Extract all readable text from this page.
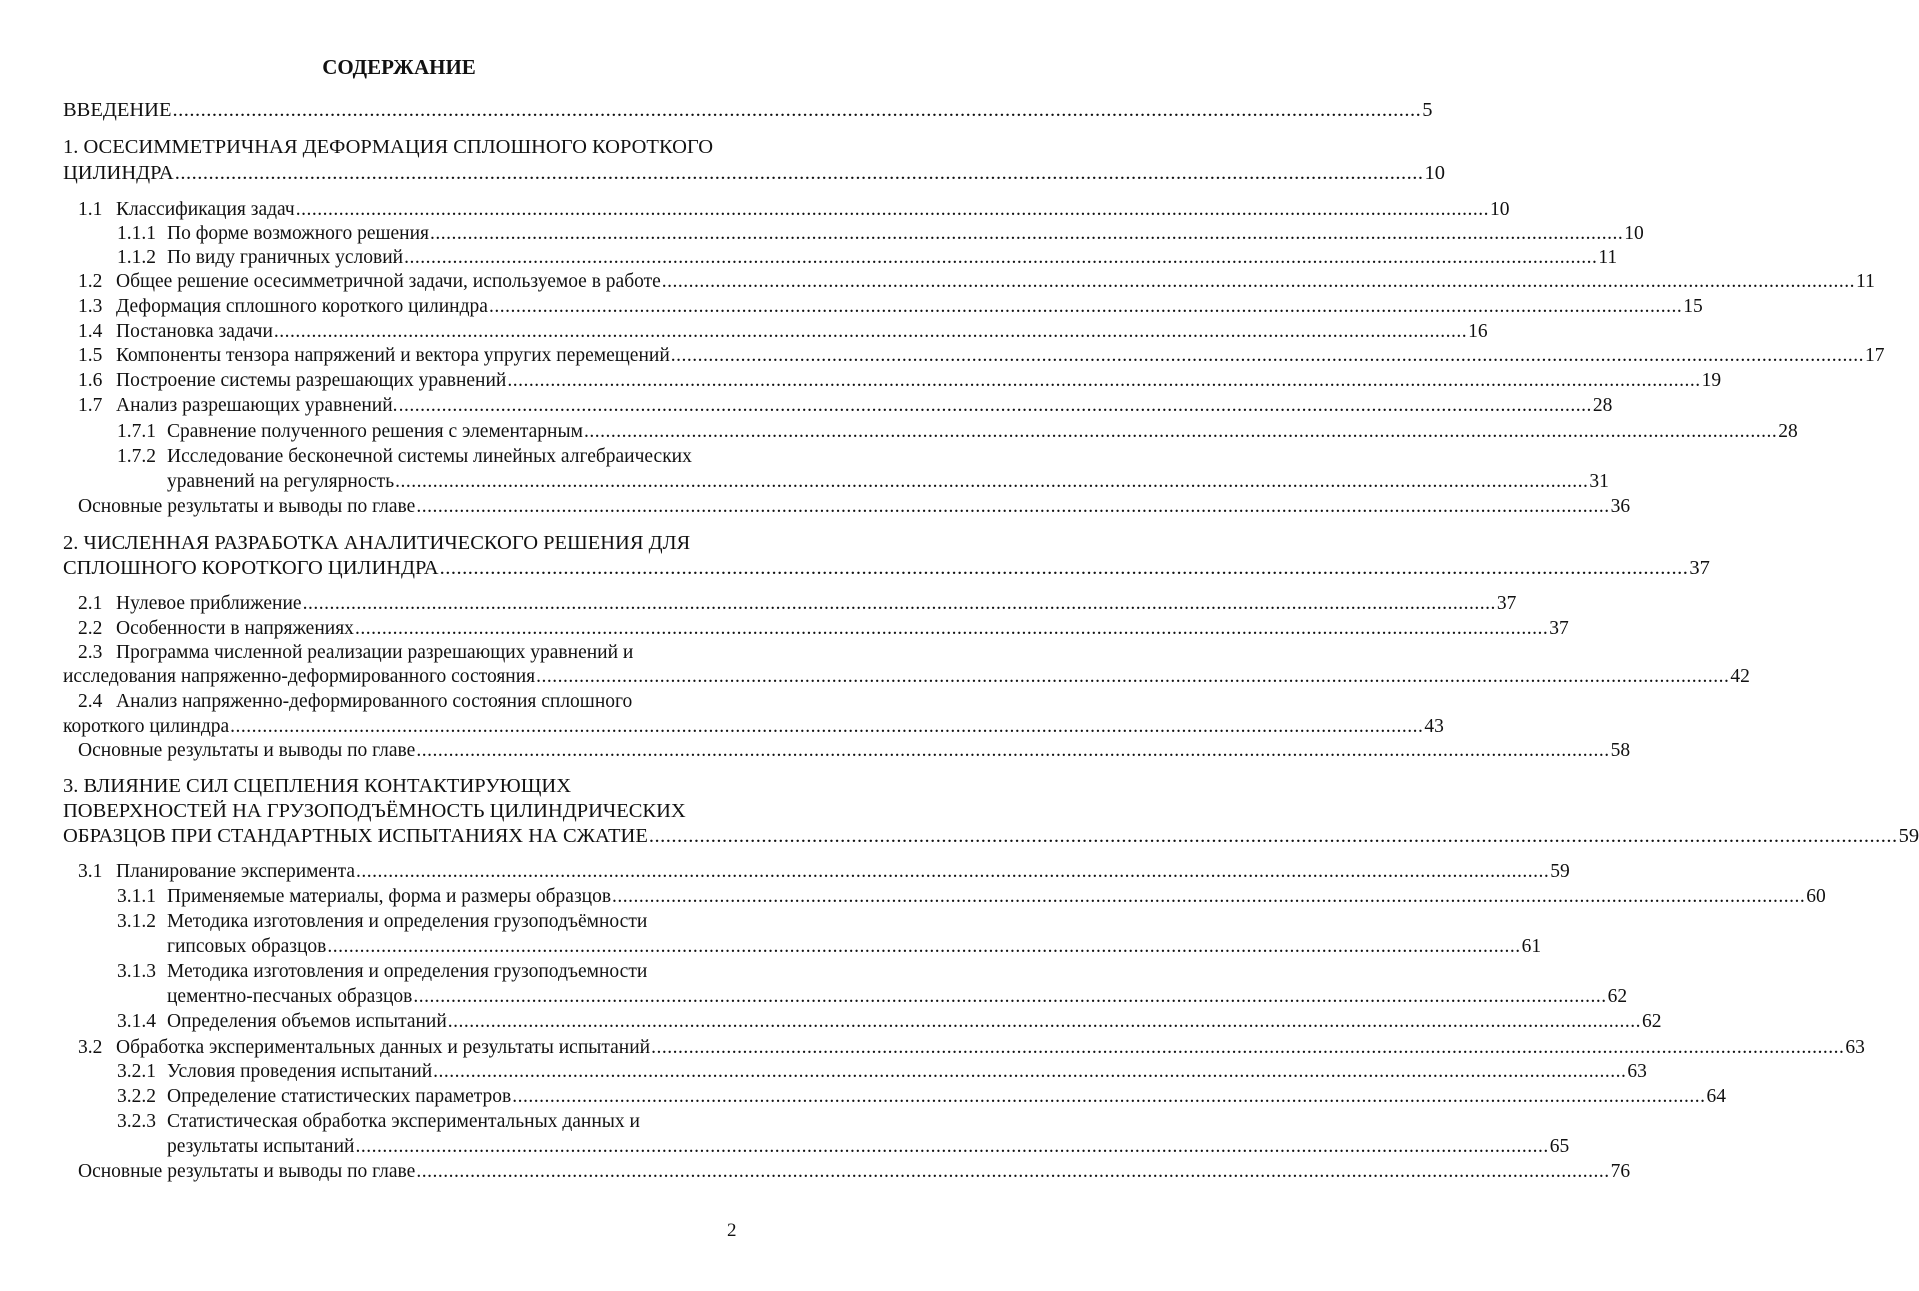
СОДЕРЖАНИЕ
ВВЕДЕНИЕ .....	5
1. ОСЕСИММЕТРИЧНАЯ ДЕФОРМАЦИЯ СПЛОШНОГО КОРОТКОГО
ЦИЛИНДРА .....	10
1.1 Классификация задач .....	10
1.1.1 По форме возможного решения .....	10
1.1.2 По виду граничных условий .....	11
1.2 Общее решение осесимметричной задачи, используемое в работе .....	11
1.3 Деформация сплошного короткого цилиндра .....	15
1.4 Постановка задачи .....	16
1.5 Компоненты тензора напряжений и вектора упругих перемещений .....	17
1.6 Построение системы разрешающих уравнений .....	19
1.7 Анализ разрешающих уравнений. .....	28
1.7.1 Сравнение полученного решения с элементарным .....	28
1.7.2 Исследование бесконечной системы линейных алгебраических
уравнений на регулярность .....	31
Основные результаты и выводы по главе .....	36
2. ЧИСЛЕННАЯ РАЗРАБОТКА АНАЛИТИЧЕСКОГО РЕШЕНИЯ ДЛЯ
СПЛОШНОГО КОРОТКОГО ЦИЛИНДРА .....	37
2.1 Нулевое приближение .....	37
2.2 Особенности в напряжениях .....	37
2.3 Программа численной реализации разрешающих уравнений и
исследования напряженно-деформированного состояния .....	42
2.4 Анализ напряженно-деформированного состояния сплошного
короткого цилиндра .....	43
Основные результаты и выводы по главе .....	58
3. ВЛИЯНИЕ СИЛ СЦЕПЛЕНИЯ КОНТАКТИРУЮЩИХ
ПОВЕРХНОСТЕЙ НА ГРУЗОПОДЪЁМНОСТЬ ЦИЛИНДРИЧЕСКИХ
ОБРАЗЦОВ ПРИ СТАНДАРТНЫХ ИСПЫТАНИЯХ НА СЖАТИЕ .....	59
3.1 Планирование эксперимента .....	59
3.1.1 Применяемые материалы, форма и размеры образцов .....	60
3.1.2 Методика изготовления и определения грузоподъёмности
гипсовых образцов .....	61
3.1.3 Методика изготовления и определения грузоподъемности
цементно-песчаных образцов .....	62
3.1.4 Определения объемов испытаний .....	62
3.2 Обработка экспериментальных данных и результаты испытаний .....	63
3.2.1 Условия проведения испытаний .....	63
3.2.2 Определение статистических параметров .....	64
3.2.3 Статистическая обработка экспериментальных данных и
результаты испытаний .....	65
Основные результаты и выводы по главе .....	76
2
